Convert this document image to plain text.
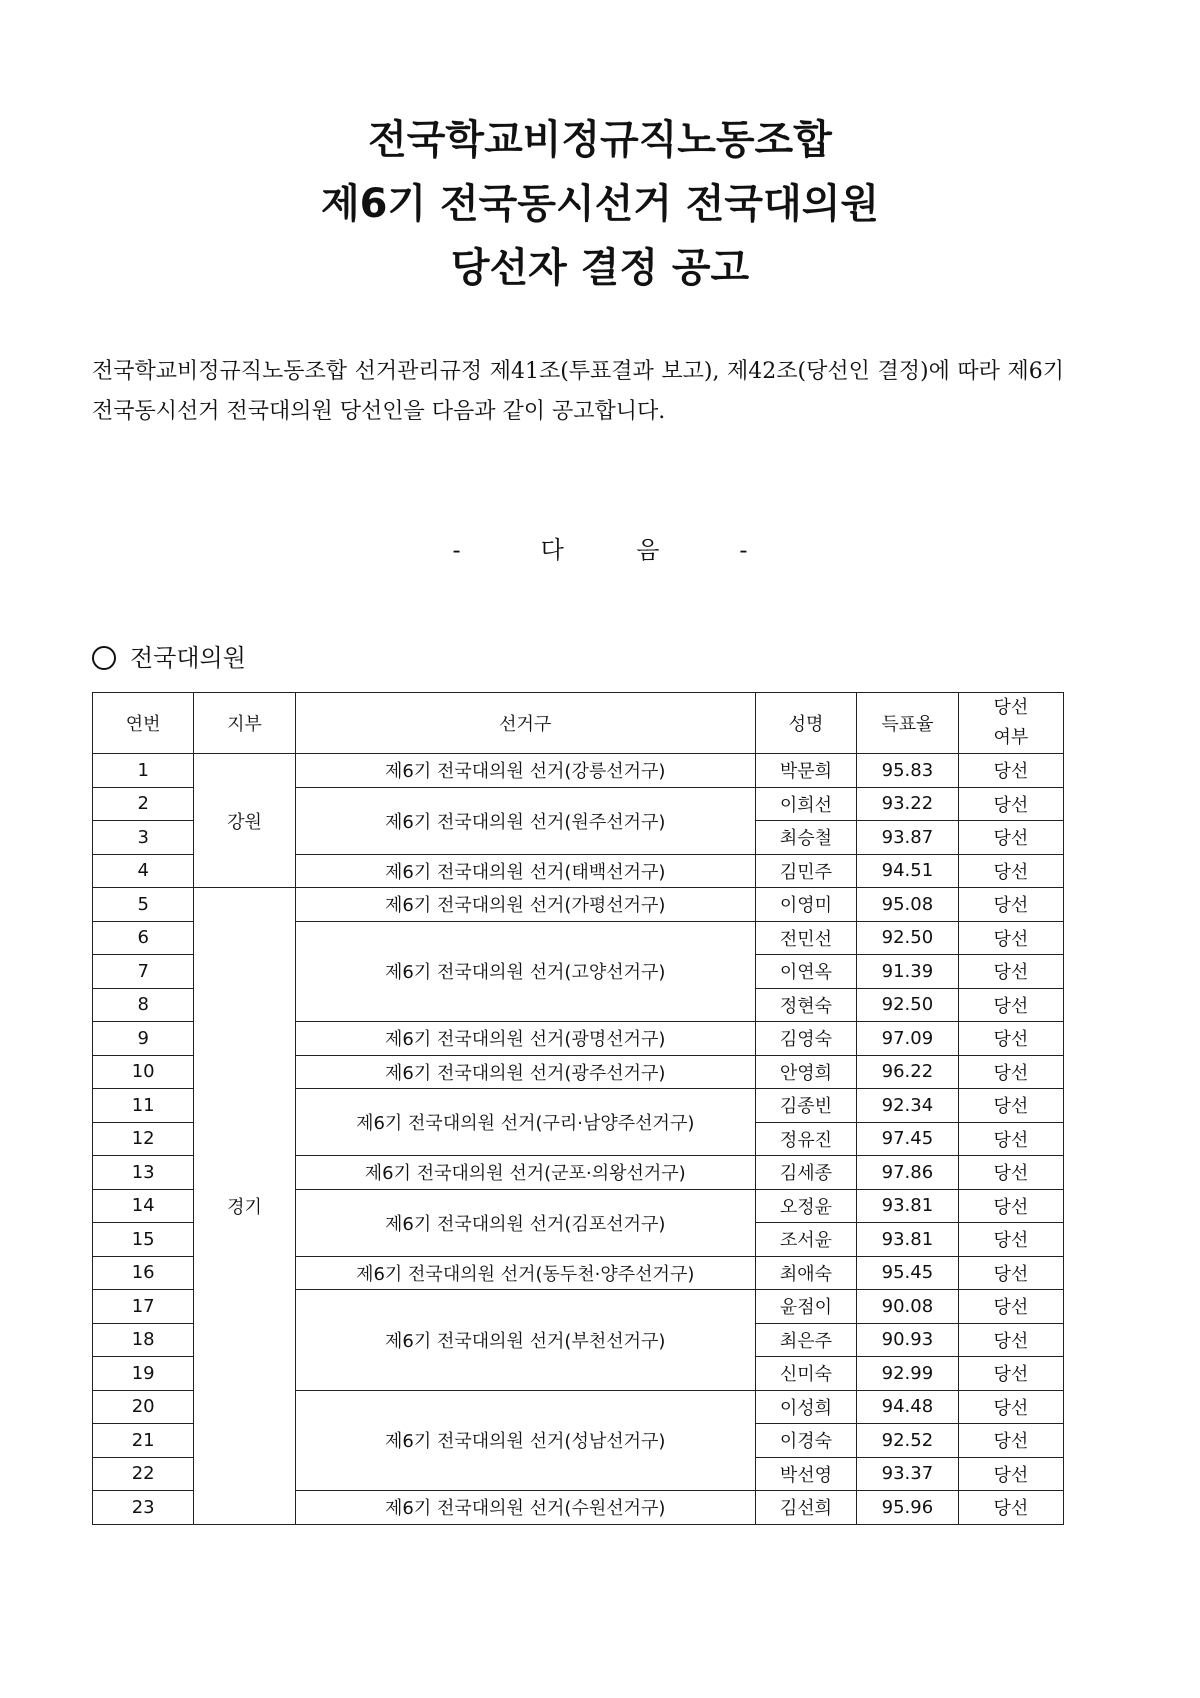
전국학교비정규직노동조합
제6기 전국동시선거 전국대의원
당선자 결정 공고

전국학교비정규직노동조합 선거관리규정 제41조(투표결과 보고), 제42조(당선인 결정)에 따라 제6기 전국동시선거 전국대의원 당선인을 다음과 같이 공고합니다.

-	다	음	-
전국대의원
연번	지부	선거구	성명	득표율	당선
여부

1	강원	제6기 전국대의원 선거(강릉선거구)	박문희	95.83	당선
2		제6기 전국대의원 선거(원주선거구)	이희선	93.22	당선
3			최승철	93.87	당선
4		제6기 전국대의원 선거(태백선거구)	김민주	94.51	당선
5	경기	제6기 전국대의원 선거(가평선거구)	이영미	95.08	당선
6		제6기 전국대의원 선거(고양선거구)	전민선	92.50	당선
7			이연옥	91.39	당선
8			정현숙	92.50	당선
9		제6기 전국대의원 선거(광명선거구)	김영숙	97.09	당선
10		제6기 전국대의원 선거(광주선거구)	안영희	96.22	당선
11		제6기 전국대의원 선거(구리·남양주선거구)	김종빈	92.34	당선
12			정유진	97.45	당선
13		제6기 전국대의원 선거(군포·의왕선거구)	김세종	97.86	당선
14		제6기 전국대의원 선거(김포선거구)	오정윤	93.81	당선
15			조서윤	93.81	당선
16		제6기 전국대의원 선거(동두천·양주선거구)	최애숙	95.45	당선
17		제6기 전국대의원 선거(부천선거구)	윤점이	90.08	당선
18			최은주	90.93	당선
19			신미숙	92.99	당선
20		제6기 전국대의원 선거(성남선거구)	이성희	94.48	당선
21			이경숙	92.52	당선
22			박선영	93.37	당선
23		제6기 전국대의원 선거(수원선거구)	김선희	95.96	당선
